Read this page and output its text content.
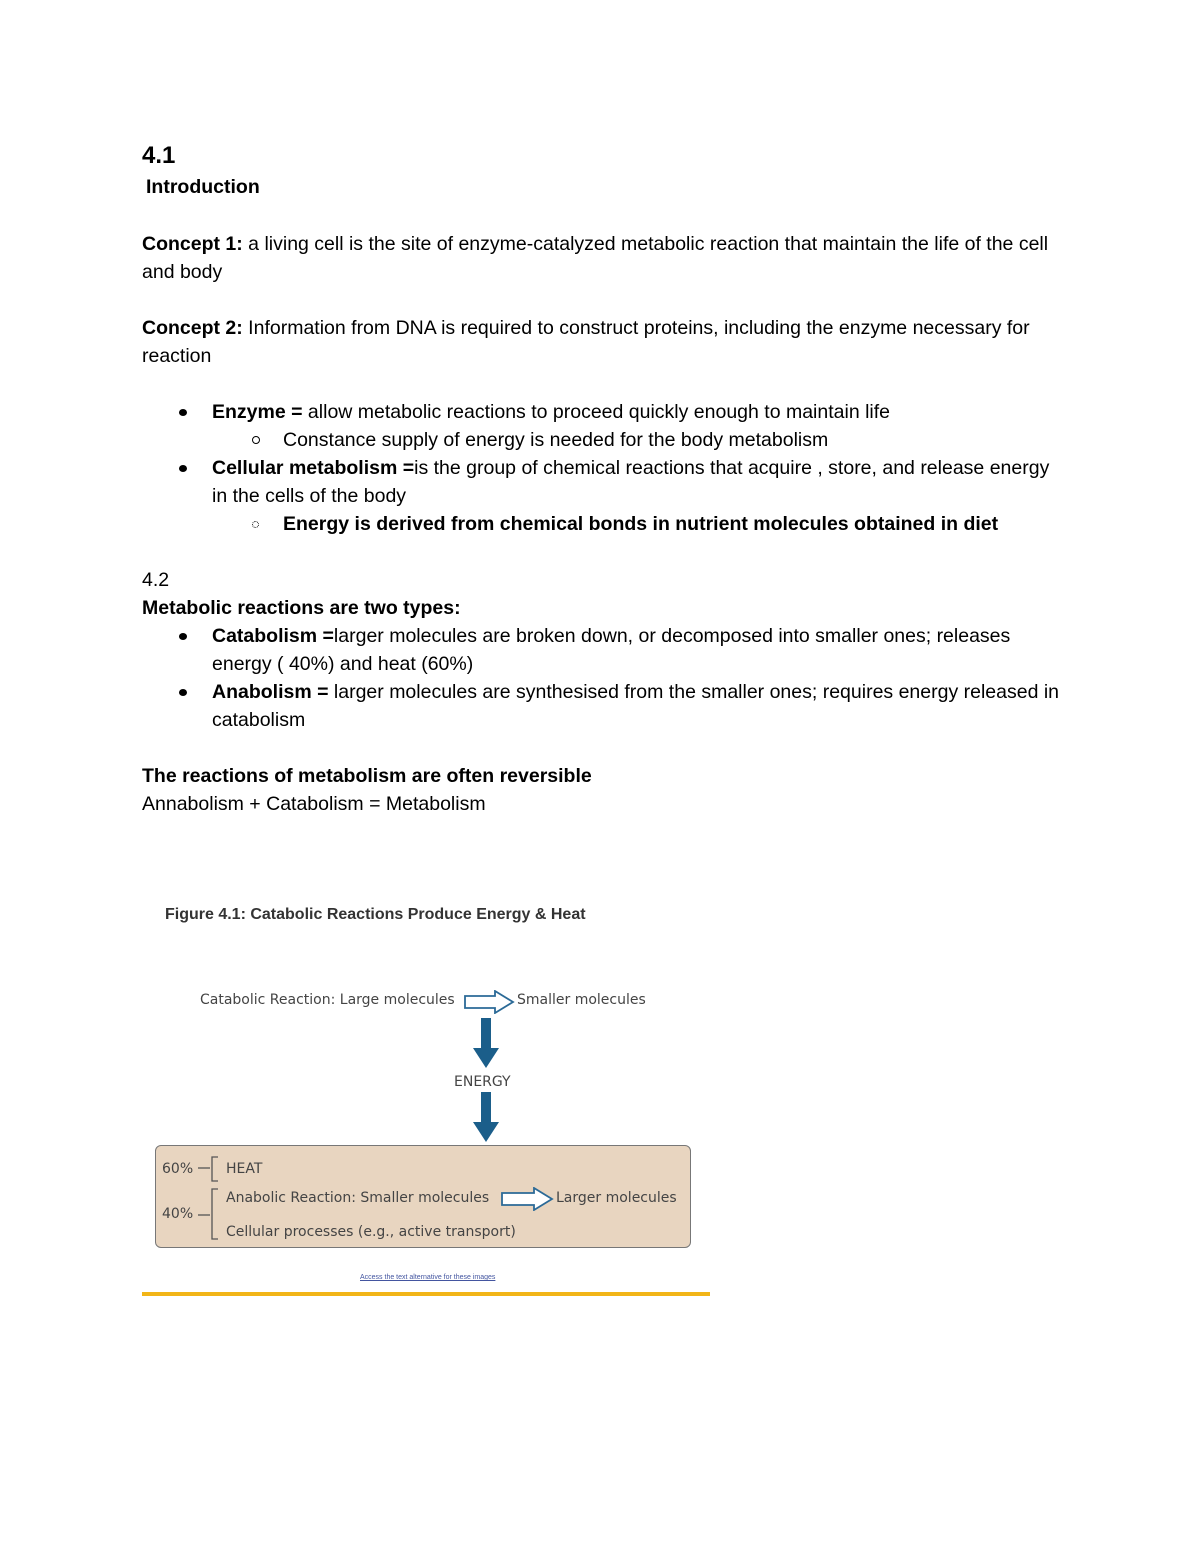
4.1
Introduction

Concept 1: a living cell is the site of enzyme-catalyzed metabolic reaction that maintain the life of the cell and body

Concept 2: Information from DNA is required to construct proteins, including the enzyme necessary for reaction

Enzyme = allow metabolic reactions to proceed quickly enough to maintain life
Constance supply of energy is needed for the body metabolism
Cellular metabolism =is the group of chemical reactions that acquire , store, and release energy in the cells of the body
Energy is derived from chemical bonds in nutrient molecules obtained in diet
4.2
Metabolic reactions are two types:
Catabolism =larger molecules are broken down, or decomposed into smaller ones; releases energy ( 40%) and heat (60%)
Anabolism = larger molecules are synthesised from the smaller ones; requires energy released in catabolism

The reactions of metabolism are often reversible

Annabolism + Catabolism = Metabolism

Figure 4.1: Catabolic Reactions Produce Energy & Heat
Catabolic Reaction: Large molecules	Smaller molecules
ENERGY
60%
40%
HEAT
Anabolic Reaction: Smaller molecules	Larger molecules
Cellular processes (e.g., active transport)
Access the text alternative for these images
